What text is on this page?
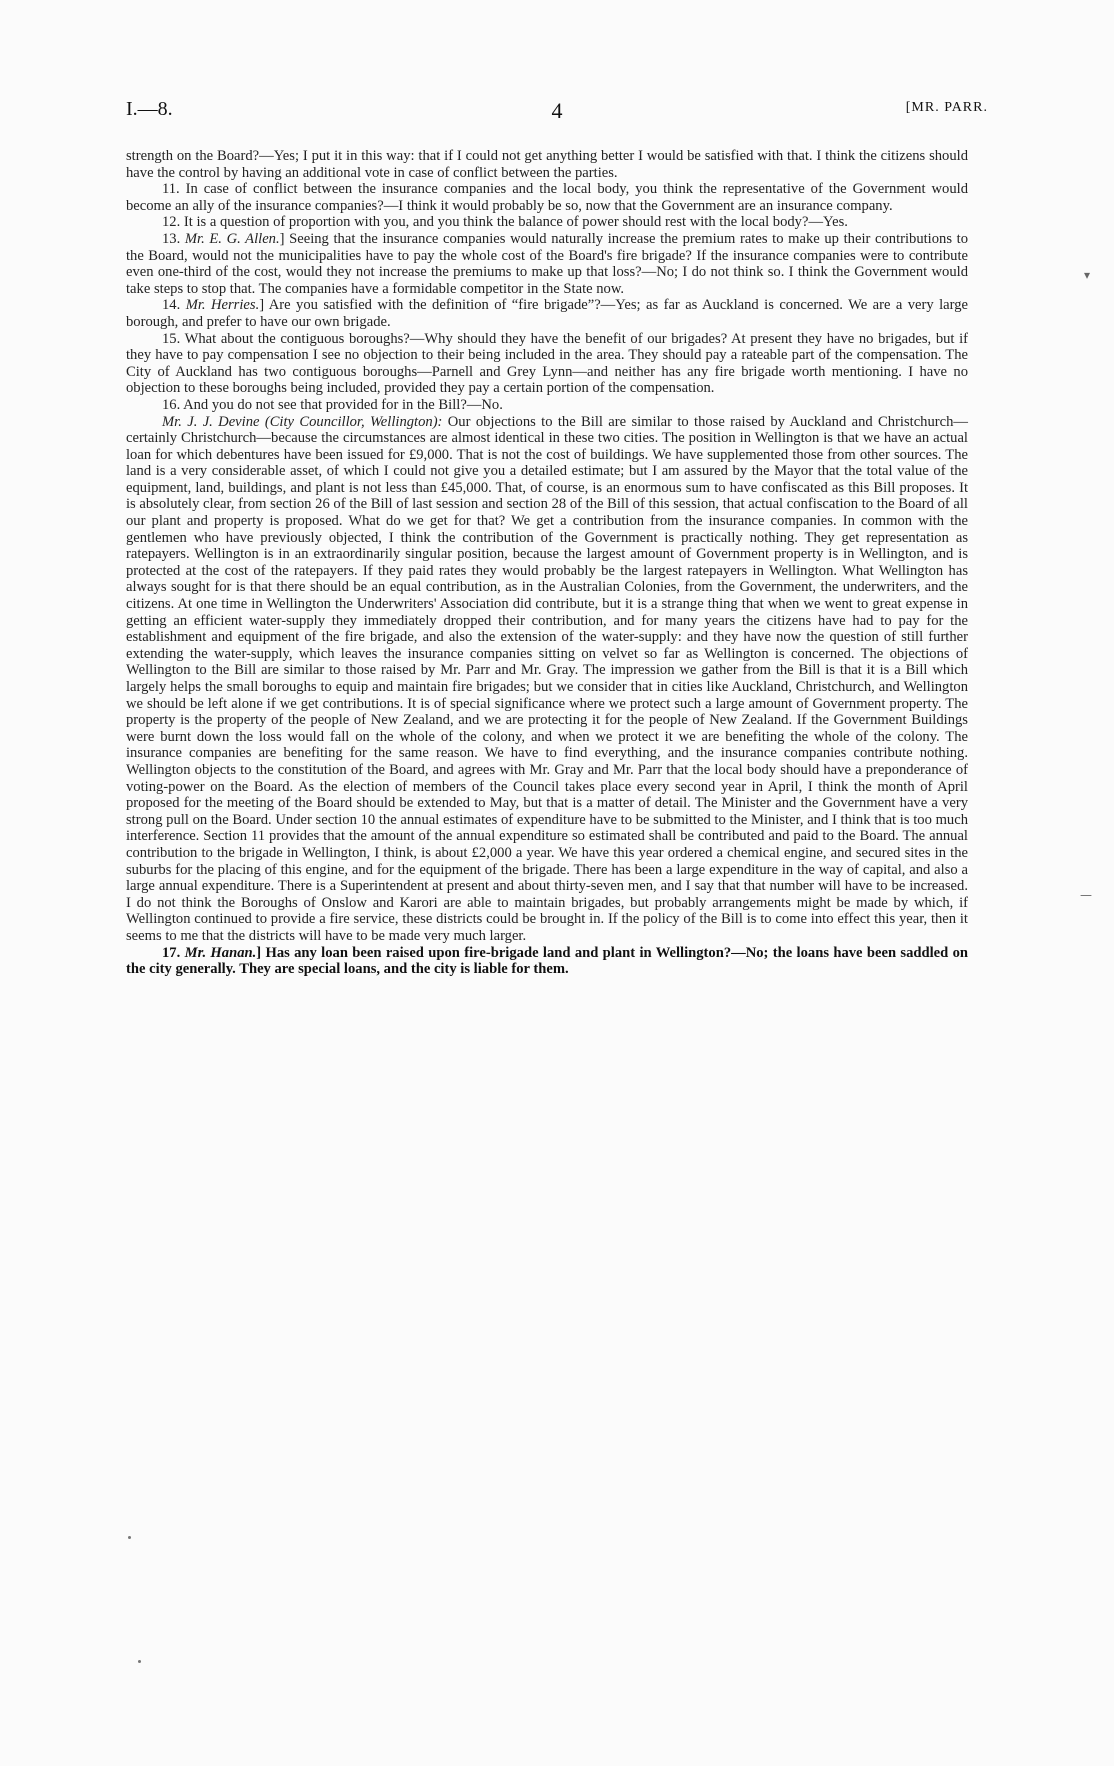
I.—8.	4	[MR. PARR.

strength on the Board?—Yes; I put it in this way: that if I could not get anything better I would be satisfied with that. I think the citizens should have the control by having an additional vote in case of conflict between the parties.

11. In case of conflict between the insurance companies and the local body, you think the representative of the Government would become an ally of the insurance companies?—I think it would probably be so, now that the Government are an insurance company.

12. It is a question of proportion with you, and you think the balance of power should rest with the local body?—Yes.

13. Mr. E. G. Allen.] Seeing that the insurance companies would naturally increase the premium rates to make up their contributions to the Board, would not the municipalities have to pay the whole cost of the Board's fire brigade? If the insurance companies were to contribute even one-third of the cost, would they not increase the premiums to make up that loss?—No; I do not think so. I think the Government would take steps to stop that. The companies have a formidable competitor in the State now.

14. Mr. Herries.] Are you satisfied with the definition of “fire brigade”?—Yes; as far as Auckland is concerned. We are a very large borough, and prefer to have our own brigade.

15. What about the contiguous boroughs?—Why should they have the benefit of our brigades? At present they have no brigades, but if they have to pay compensation I see no objection to their being included in the area. They should pay a rateable part of the compensation. The City of Auckland has two contiguous boroughs—Parnell and Grey Lynn—and neither has any fire brigade worth mentioning. I have no objection to these boroughs being included, provided they pay a certain portion of the compensation.

16. And you do not see that provided for in the Bill?—No.

Mr. J. J. Devine (City Councillor, Wellington): Our objections to the Bill are similar to those raised by Auckland and Christchurch—certainly Christchurch—because the circumstances are almost identical in these two cities. The position in Wellington is that we have an actual loan for which debentures have been issued for £9,000. That is not the cost of buildings. We have supplemented those from other sources. The land is a very considerable asset, of which I could not give you a detailed estimate; but I am assured by the Mayor that the total value of the equipment, land, buildings, and plant is not less than £45,000. That, of course, is an enormous sum to have confiscated as this Bill proposes. It is absolutely clear, from section 26 of the Bill of last session and section 28 of the Bill of this session, that actual confiscation to the Board of all our plant and property is proposed. What do we get for that? We get a contribution from the insurance companies. In common with the gentlemen who have previously objected, I think the contribution of the Government is practically nothing. They get representation as ratepayers. Wellington is in an extraordinarily singular position, because the largest amount of Government property is in Wellington, and is protected at the cost of the ratepayers. If they paid rates they would probably be the largest ratepayers in Wellington. What Wellington has always sought for is that there should be an equal contribution, as in the Australian Colonies, from the Government, the underwriters, and the citizens. At one time in Wellington the Underwriters' Association did contribute, but it is a strange thing that when we went to great expense in getting an efficient water-supply they immediately dropped their contribution, and for many years the citizens have had to pay for the establishment and equipment of the fire brigade, and also the extension of the water-supply: and they have now the question of still further extending the water-supply, which leaves the insurance companies sitting on velvet so far as Wellington is concerned. The objections of Wellington to the Bill are similar to those raised by Mr. Parr and Mr. Gray. The impression we gather from the Bill is that it is a Bill which largely helps the small boroughs to equip and maintain fire brigades; but we consider that in cities like Auckland, Christchurch, and Wellington we should be left alone if we get contributions. It is of special significance where we protect such a large amount of Government property. The property is the property of the people of New Zealand, and we are protecting it for the people of New Zealand. If the Government Buildings were burnt down the loss would fall on the whole of the colony, and when we protect it we are benefiting the whole of the colony. The insurance companies are benefiting for the same reason. We have to find everything, and the insurance companies contribute nothing. Wellington objects to the constitution of the Board, and agrees with Mr. Gray and Mr. Parr that the local body should have a preponderance of voting-power on the Board. As the election of members of the Council takes place every second year in April, I think the month of April proposed for the meeting of the Board should be extended to May, but that is a matter of detail. The Minister and the Government have a very strong pull on the Board. Under section 10 the annual estimates of expenditure have to be submitted to the Minister, and I think that is too much interference. Section 11 provides that the amount of the annual expenditure so estimated shall be contributed and paid to the Board. The annual contribution to the brigade in Wellington, I think, is about £2,000 a year. We have this year ordered a chemical engine, and secured sites in the suburbs for the placing of this engine, and for the equipment of the brigade. There has been a large expenditure in the way of capital, and also a large annual expenditure. There is a Superintendent at present and about thirty-seven men, and I say that that number will have to be increased. I do not think the Boroughs of Onslow and Karori are able to maintain brigades, but probably arrangements might be made by which, if Wellington continued to provide a fire service, these districts could be brought in. If the policy of the Bill is to come into effect this year, then it seems to me that the districts will have to be made very much larger.

17. Mr. Hanan.] Has any loan been raised upon fire-brigade land and plant in Wellington?—No; the loans have been saddled on the city generally. They are special loans, and the city is liable for them.

▾
—
